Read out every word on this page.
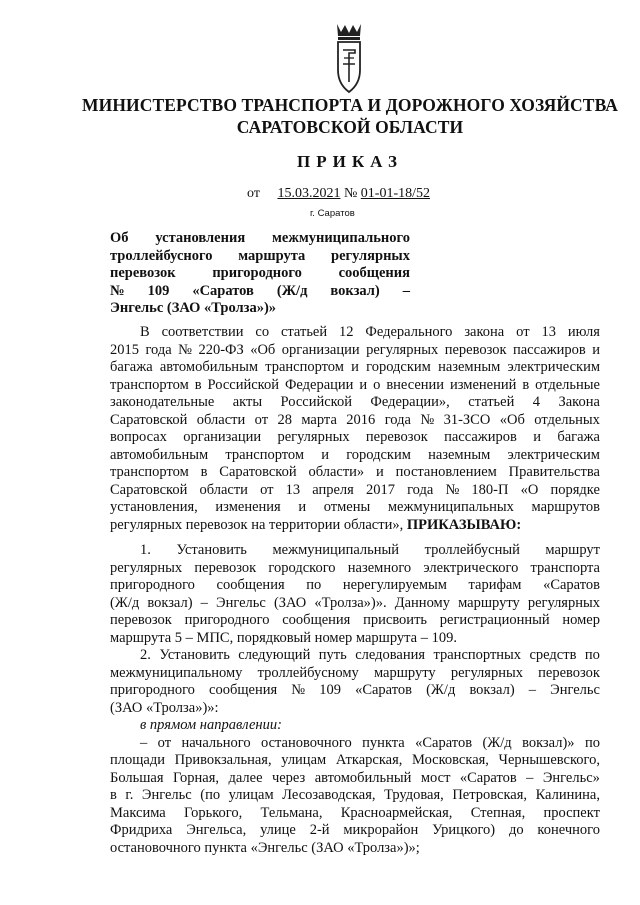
МИНИСТЕРСТВО ТРАНСПОРТА И ДОРОЖНОГО ХОЗЯЙСТВА
САРАТОВСКОЙ ОБЛАСТИ
ПРИКАЗ
от 15.03.2021 № 01-01-18/52
г. Саратов
Об установления межмуниципального
троллейбусного маршрута регулярных
перевозок	пригородного	сообщения
№ 109 «Саратов (Ж/д вокзал) –
Энгельс (ЗАО «Тролза»)»
В соответствии со статьей 12 Федерального закона от 13 июля
2015 года № 220-ФЗ «Об организации регулярных перевозок пассажиров и
багажа автомобильным транспортом и городским наземным электрическим
транспортом в Российской Федерации и о внесении изменений в отдельные
законодательные акты Российской Федерации», статьей 4 Закона
Саратовской области от 28 марта 2016 года № 31-ЗСО «Об отдельных
вопросах организации регулярных перевозок пассажиров и багажа
автомобильным транспортом и городским наземным электрическим
транспортом в Саратовской области» и постановлением Правительства
Саратовской области от 13 апреля 2017 года № 180-П «О порядке
установления, изменения и отмены межмуниципальных маршрутов
регулярных перевозок на территории области»,
ПРИКАЗЫВАЮ:
1. Установить межмуниципальный троллейбусный маршрут
регулярных перевозок городского наземного электрического транспорта
пригородного сообщения по нерегулируемым тарифам «Саратов
(Ж/д вокзал) – Энгельс (ЗАО «Тролза»)». Данному маршруту регулярных
перевозок пригородного сообщения присвоить регистрационный номер
маршрута 5 – МПС, порядковый номер маршрута – 109.
2. Установить следующий путь следования транспортных средств по
межмуниципальному троллейбусному маршруту регулярных перевозок
пригородного сообщения № 109 «Саратов (Ж/д вокзал) – Энгельс
(ЗАО «Тролза»)»:
в прямом направлении:
– от начального остановочного пункта «Саратов (Ж/д вокзал)» по
площади Привокзальная, улицам Аткарская, Московская, Чернышевского,
Большая Горная, далее через автомобильный мост «Саратов – Энгельс»
в г. Энгельс (по улицам Лесозаводская, Трудовая, Петровская, Калинина,
Максима Горького, Тельмана, Красноармейская, Степная, проспект
Фридриха Энгельса, улице 2-й микрорайон Урицкого) до конечного
остановочного пункта «Энгельс (ЗАО «Тролза»)»;
